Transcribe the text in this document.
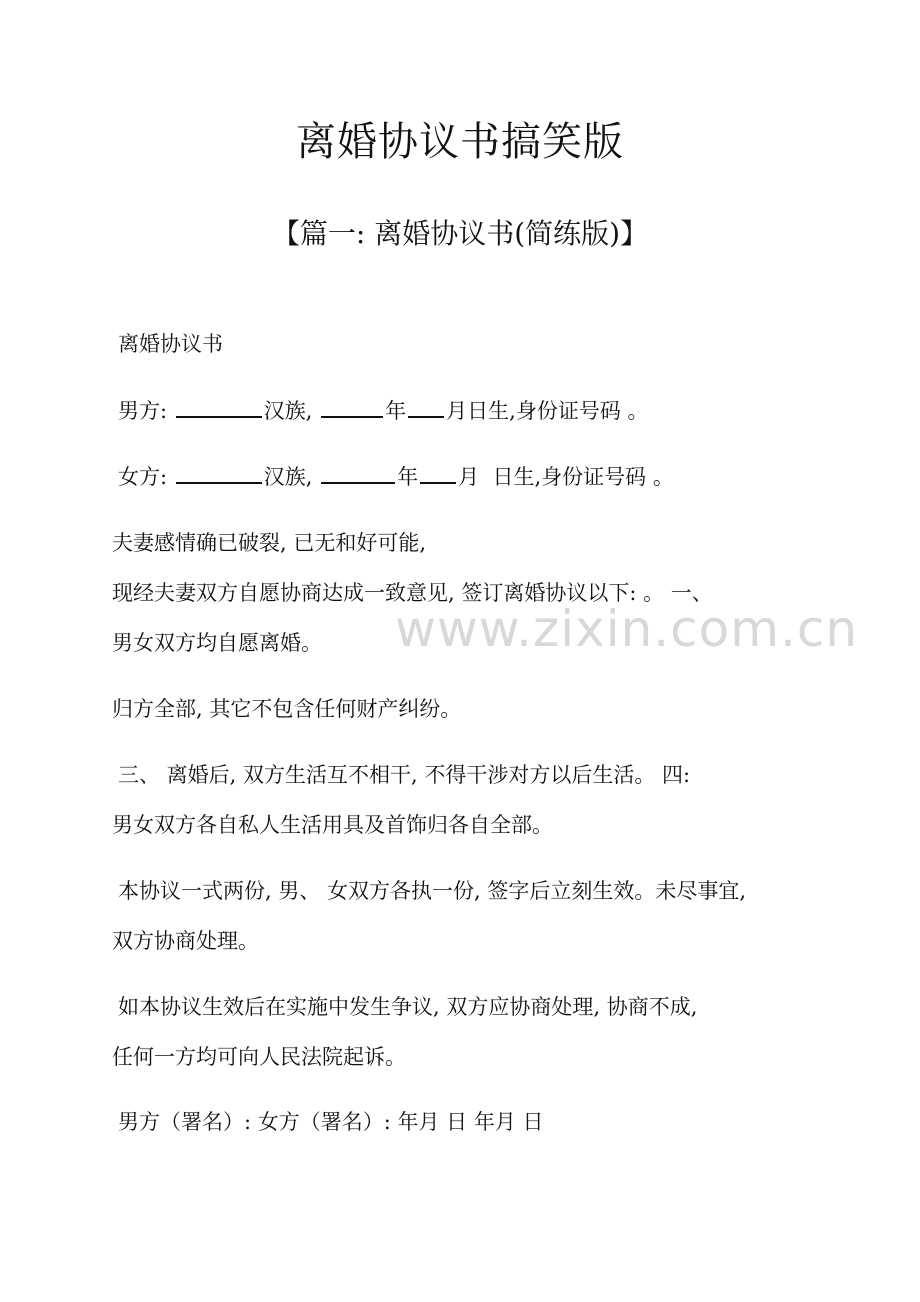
离婚协议书搞笑版
【篇一: 离婚协议书(简练版)】
离婚协议书
男方:	汉族,	年 月日生,身份证号码 。
女方:	汉族,	年 月 日生,身份证号码 。
夫妻感情确已破裂, 已无和好可能,
现经夫妻双方自愿协商达成一致意见, 签订离婚协议以下: 。 一、
男女双方均自愿离婚。
归方全部, 其它不包含任何财产纠纷。
三、 离婚后, 双方生活互不相干, 不得干涉对方以后生活。 四:
男女双方各自私人生活用具及首饰归各自全部。
本协议一式两份, 男、 女双方各执一份, 签字后立刻生效。未尽事宜,
双方协商处理。
如本协议生效后在实施中发生争议, 双方应协商处理, 协商不成,
任何一方均可向人民法院起诉。
男方（署名）: 女方（署名）: 年月 日 年月 日
www.zixin.com.cn
